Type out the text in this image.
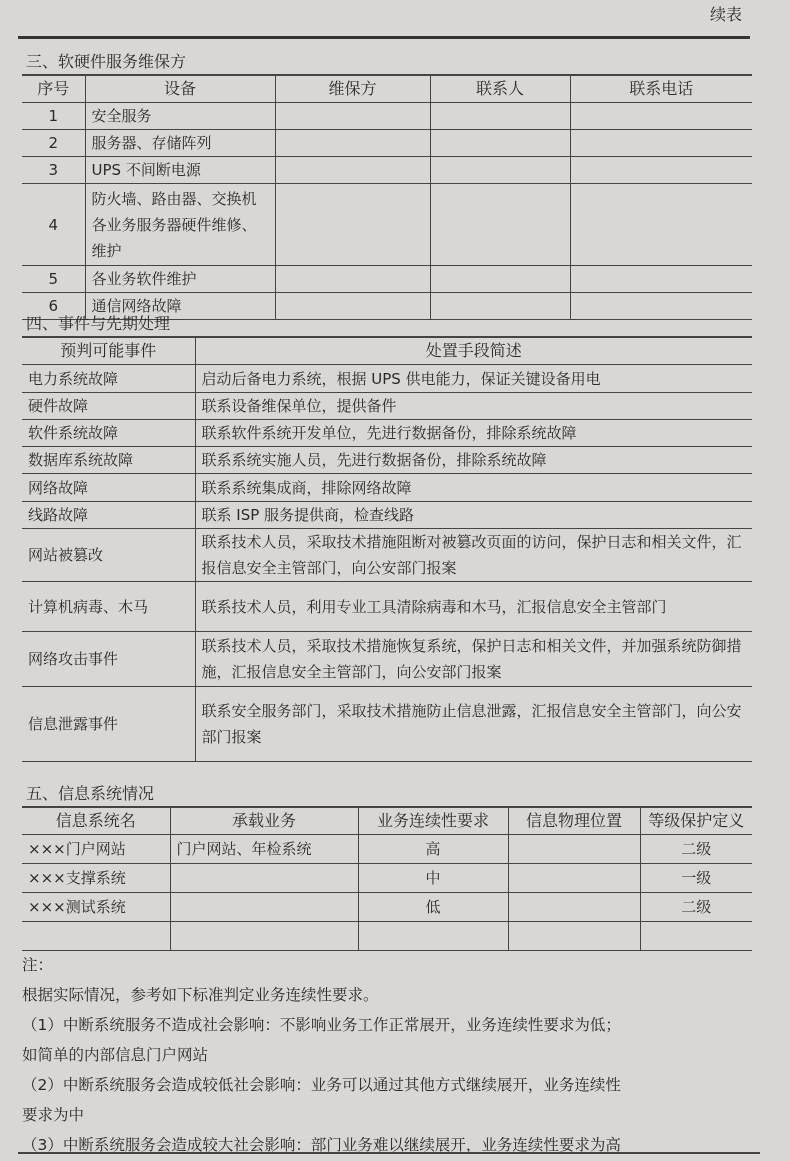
续表
三、软硬件服务维保方
序号	设备	维保方	联系人	联系电话
1	安全服务			
2	服务器、存储阵列			
3	UPS 不间断电源			
4	防火墙、路由器、交换机各业务服务器硬件维修、维护			
5	各业务软件维护			
6	通信网络故障			
四、事件与先期处理
预判可能事件	处置手段简述
电力系统故障	启动后备电力系统，根据 UPS 供电能力，保证关键设备用电
硬件故障	联系设备维保单位，提供备件
软件系统故障	联系软件系统开发单位，先进行数据备份，排除系统故障
数据库系统故障	联系系统实施人员，先进行数据备份，排除系统故障
网络故障	联系系统集成商，排除网络故障
线路故障	联系 ISP 服务提供商，检查线路
网站被篡改	联系技术人员，采取技术措施阻断对被篡改页面的访问，保护日志和相关文件，汇报信息安全主管部门，向公安部门报案
计算机病毒、木马	联系技术人员，利用专业工具清除病毒和木马，汇报信息安全主管部门
网络攻击事件	联系技术人员，采取技术措施恢复系统，保护日志和相关文件，并加强系统防御措施，汇报信息安全主管部门，向公安部门报案
信息泄露事件	联系安全服务部门，采取技术措施防止信息泄露，汇报信息安全主管部门，向公安部门报案
五、信息系统情况
信息系统名	承载业务	业务连续性要求	信息物理位置	等级保护定义
×××门户网站	门户网站、年检系统	高		二级
×××支撑系统		中		一级
×××测试系统		低		二级

注：
根据实际情况，参考如下标准判定业务连续性要求。
（1）中断系统服务不造成社会影响：不影响业务工作正常展开，业务连续性要求为低；
如简单的内部信息门户网站
（2）中断系统服务会造成较低社会影响：业务可以通过其他方式继续展开，业务连续性
要求为中
（3）中断系统服务会造成较大社会影响：部门业务难以继续展开，业务连续性要求为高
